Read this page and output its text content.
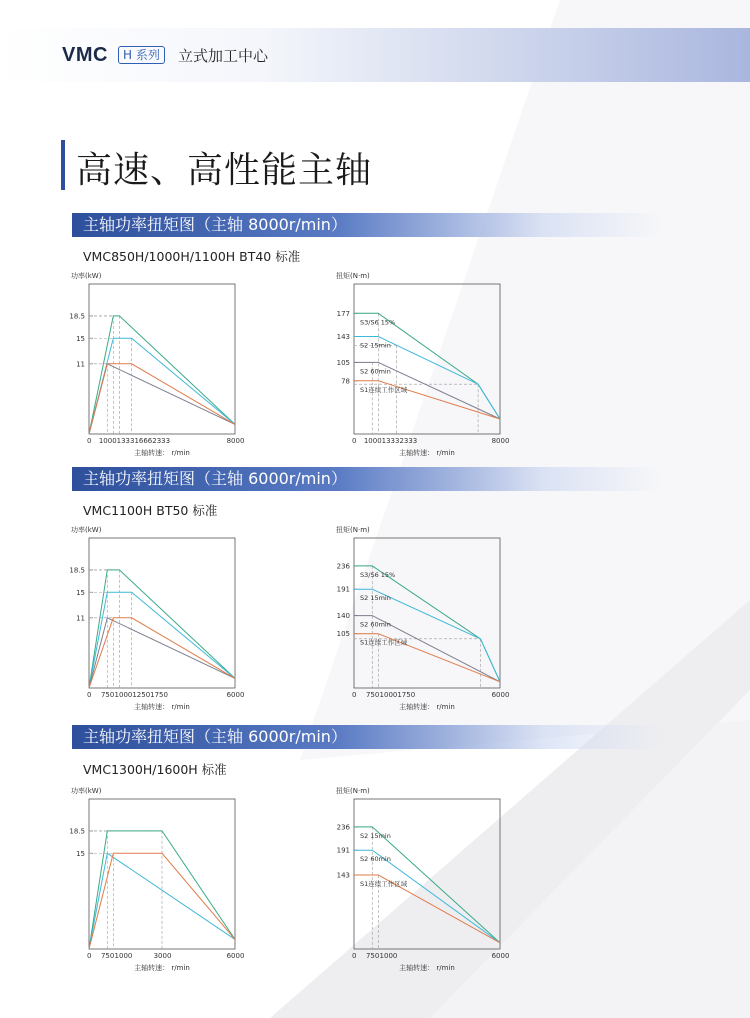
VMC	H 系列	立式加工中心
高速、高性能主轴
主轴功率扭矩图（主轴 8000r/min）
VMC850H/1000H/1100H BT40 标准
主轴功率扭矩图（主轴 6000r/min）
VMC1100H BT50 标准
主轴功率扭矩图（主轴 6000r/min）
VMC1300H/1600H 标准
功率(kW)
11
15
18.5
0 1000 1333 1666 2333	8000
主轴转速： r/min
扭矩(N·m)
78
105
143
177
S3/S6 15%
S2 15min
S2 60min
S1连续工作区域
0 1000 1333 2333	8000
主轴转速： r/min
功率(kW)
11
15
18.5
0 750 1000 1250 1750	6000
主轴转速： r/min
扭矩(N·m)
105
140
191
236
S3/S6 15%
S2 15min
S2 60min
S1连续工作区域
0 750 1000 1750	6000
主轴转速： r/min
功率(kW)
15
18.5
0 750 1000	3000	6000
主轴转速： r/min
扭矩(N·m)
143
191
236
S2 15min
S2 60min
S1连续工作区域
0 750 1000	6000
主轴转速： r/min
